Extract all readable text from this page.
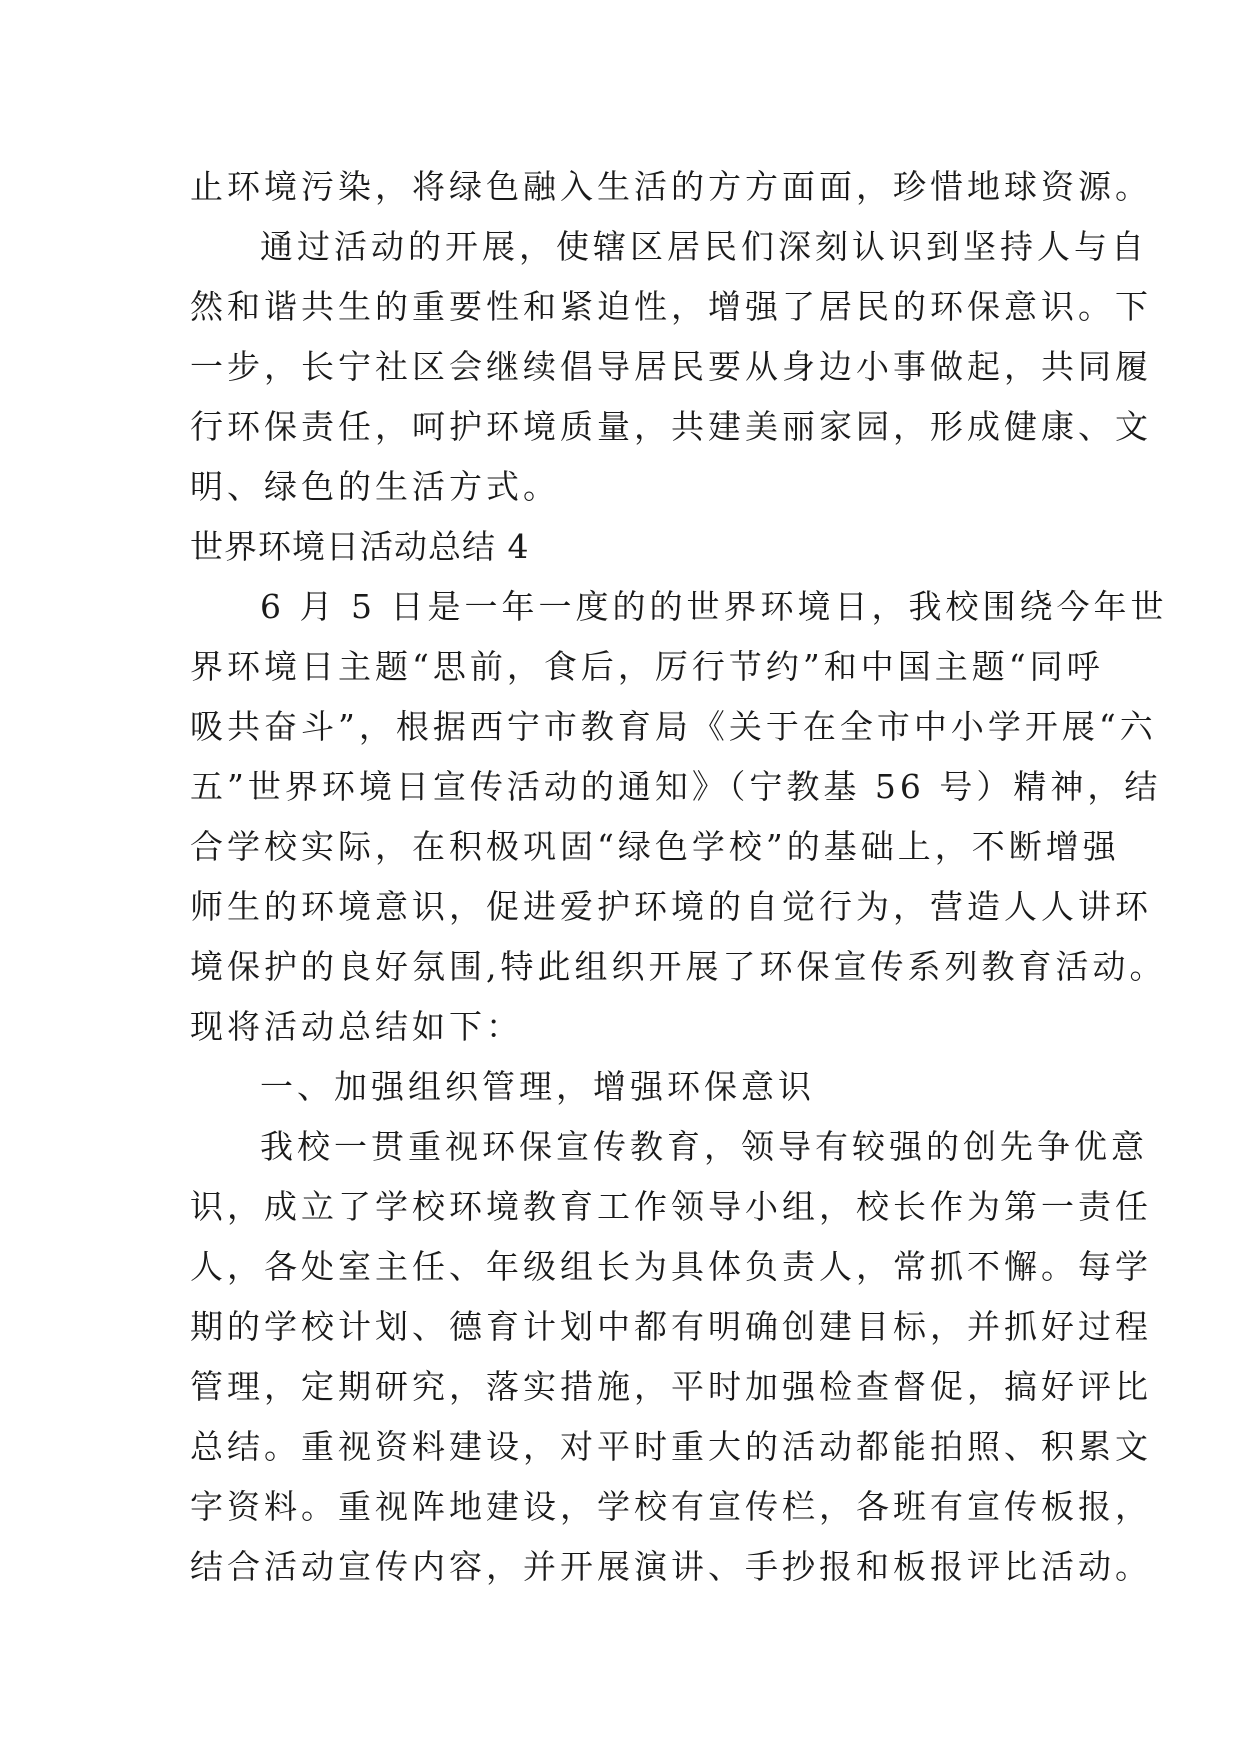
止环境污染，将绿色融入生活的方方面面，珍惜地球资源。
通过活动的开展，使辖区居民们深刻认识到坚持人与自
然和谐共生的重要性和紧迫性，增强了居民的环保意识。下
一步，长宁社区会继续倡导居民要从身边小事做起，共同履
行环保责任，呵护环境质量，共建美丽家园，形成健康、文
明、绿色的生活方式。
世界环境日活动总结 4
6 月 5 日是一年一度的的世界环境日，我校围绕今年世
界环境日主题“思前，食后，厉行节约”和中国主题“同呼
吸共奋斗”，根据西宁市教育局《关于在全市中小学开展“六
五”世界环境日宣传活动的通知》（宁教基 56 号）精神，结
合学校实际，在积极巩固“绿色学校”的基础上，不断增强
师生的环境意识，促进爱护环境的自觉行为，营造人人讲环
境保护的良好氛围,特此组织开展了环保宣传系列教育活动。
现将活动总结如下：
一、加强组织管理，增强环保意识
我校一贯重视环保宣传教育，领导有较强的创先争优意
识，成立了学校环境教育工作领导小组，校长作为第一责任
人，各处室主任、年级组长为具体负责人，常抓不懈。每学
期的学校计划、德育计划中都有明确创建目标，并抓好过程
管理，定期研究，落实措施，平时加强检查督促，搞好评比
总结。重视资料建设，对平时重大的活动都能拍照、积累文
字资料。重视阵地建设，学校有宣传栏，各班有宣传板报，
结合活动宣传内容，并开展演讲、手抄报和板报评比活动。
